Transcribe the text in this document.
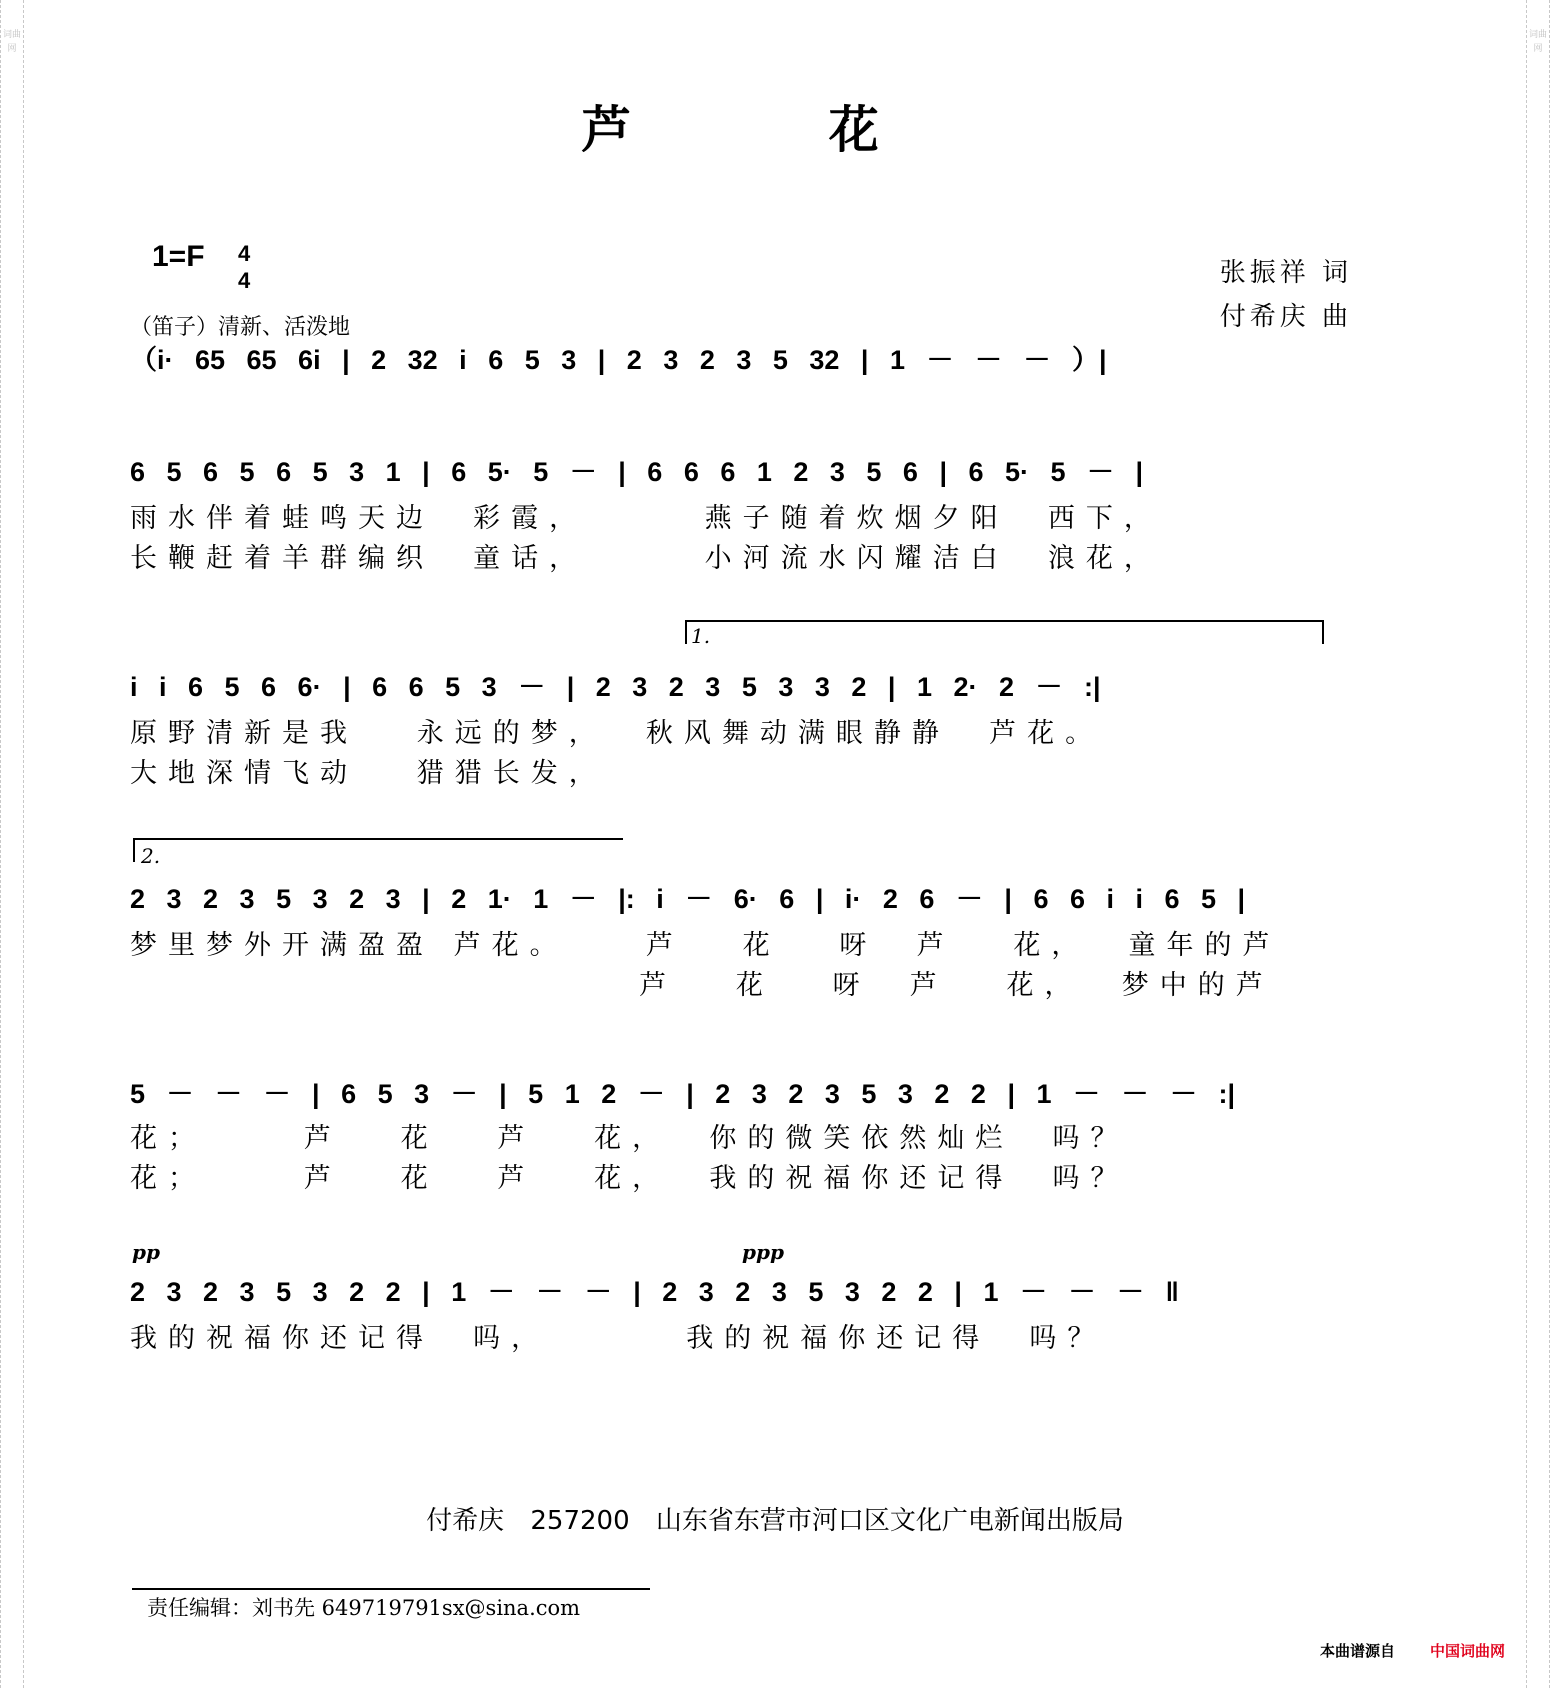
词曲网
词曲网
芦 花
1=F 4

4
（笛子）清新、活泼地
张振祥 词
付希庆 曲
（i· 65 65 6i | 2 32 i 6 5 3 | 2 3 2 3 5 32 | 1 － － － ）|
6 5 6 5 6 5 3 1 | 6 5· 5 － | 6 6 6 1 2 3 5 6 | 6 5· 5 － |
雨水伴着蛙鸣天边  彩霞，      燕子随着炊烟夕阳  西下，
长鞭赶着羊群编织  童话，      小河流水闪耀洁白  浪花，
1.
i i 6 5 6 6· | 6 6 5 3 － | 2 3 2 3 5 3 3 2 | 1 2· 2 － :|
原野清新是我   永远的梦，  秋风舞动满眼静静  芦花。
大地深情飞动   猎猎长发，
2.
2 3 2 3 5 3 2 3 | 2 1· 1 － |: i － 6· 6 | i· 2 6 － | 6 6 i i 6 5 |
梦里梦外开满盈盈 芦花。    芦   花   呀  芦   花，  童年的芦
芦   花   呀  芦   花，  梦中的芦
5 － － － | 6 5 3 － | 5 1 2 － | 2 3 2 3 5 3 2 2 | 1 － － － :|
花；     芦   花   芦   花，  你的微笑依然灿烂  吗？
花；     芦   花   芦   花，  我的祝福你还记得  吗？
pp	ppp
2 3 2 3 5 3 2 2 | 1 － － － | 2 3 2 3 5 3 2 2 | 1 － － － ‖
我的祝福你还记得  吗，       我的祝福你还记得  吗？
付希庆 257200 山东省东营市河口区文化广电新闻出版局
责任编辑：刘书先 649719791sx@sina.com
本曲谱源自 中国词曲网
